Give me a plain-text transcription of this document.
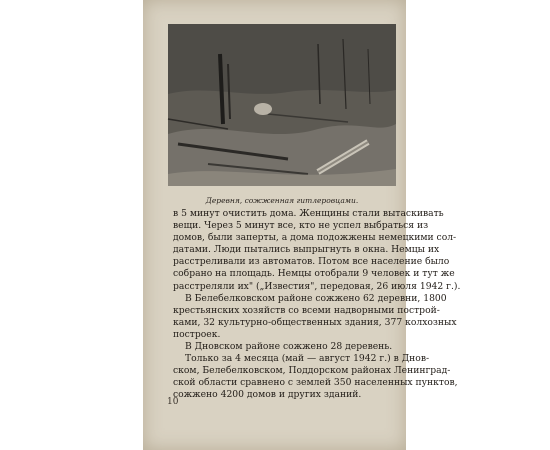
Деревня, сожженная гитлеровцами.
в 5 минут очистить дома. Женщины стали вытаскивать
вещи. Через 5 минут все, кто не успел выбраться из
домов, были заперты, а дома подожжены немецкими сол-
датами. Люди пытались выпрыгнуть в окна. Немцы их
расстреливали из автоматов. Потом все население было
собрано на площадь. Немцы отобрали 9 человек и тут же
расстреляли их" („Известия", передовая, 26 июля 1942 г.).
В Белебелковском районе сожжено 62 деревни, 1800
крестьянских хозяйств со всеми надворными построй-
ками, 32 культурно-общественных здания, 377 колхозных
построек.
В Дновском районе сожжено 28 деревень.
Только за 4 месяца (май — август 1942 г.) в Днов-
ском, Белебелковском, Поддорском районах Ленинград-
ской области сравнено с землей 350 населенных пунктов,
сожжено 4200 домов и других зданий.
10
